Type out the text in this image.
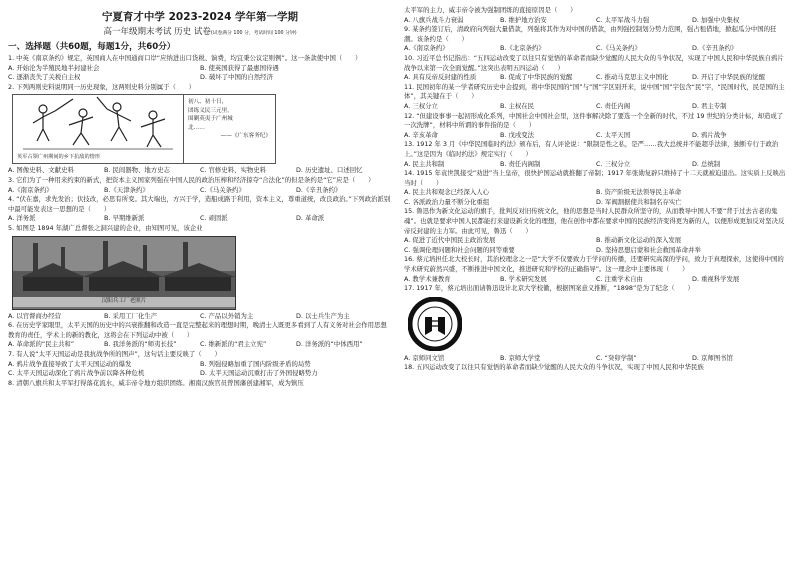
宁夏育才中学 2023-2024 学年第一学期
高一年级期末考试 历史 试卷(试卷满分 100 分，考试时间 100 分钟)
一、选择题（共60题，每题1分，共60分）

1. 中英《南京条约》规定，英国商人在中国通商口岸“应纳进出口货税、饷费，均宜秉公议定则例”。这一条款使中国（　　）

A. 开始沦为半殖民地半封建社会	B. 使英国获得了最惠国待遇
C. 逐渐丧失了关税自主权	D. 破坏了中国的自然经济

2. 下列两则史料说明同一历史现象，这两则史料分别属于（　　）

英军占领广州期间的乡下抗敌的情形
初八、初十日，
团练义民三元里，
围剿英夷于广州城
北……
——《广东客务纪》
A. 图像史料、文献史料	B. 民间器物、地方史志	C. 官修史料、实物史料	D. 历史遗址、口述回忆

3. 它们为了一种用来约束的新式，把资本主义国家列强在中国人民的政治压榨和经济掠夺“合法化”的但是条约是“它”应是（　　）

A.《南京条约》	B.《天津条约》	C.《马关条约》	D.《辛丑条约》

4. “伏在嘉，求先发治；伏技改，必思有所变。其大端也，方兴于学，造船成路于利用，资本主义，尊重道统，改良政治。”下列政治派别中最可能发表这一思想的是（　　）

A. 洋务派	B. 早期维新派	C. 顽固派	D. 革命派

5. 如图是 1894 年湖广总督张之洞兴建的企业，由知图可见，该企业

汉阳兵工厂老照片
A. 以官督商办经营	B. 采用工厂化生产	C. 产品以外销为主	D. 以士兵生产为主

6. 在历史学家眼里，太平天国的历史中的兴衰推翻和改造一直是完整起来的理想时期，晚清士人既更多看到了人有义务对社会作用思想教育的责任，学术上的新的教化，这将会在下列运动中被（　　）

A. 革命派的“民主共和”	B. 我洋务派的“师夷长技”	C. 维新派的“君主立宪”	D. 洋务派的“中体西用”

7. 有人说“太平天国运动是我抗战争所的图声”，这句话主要反映了（　　）

A. 鸦片战争直接导致了太平天国运动的爆发	B. 列强侵略加重了国内阶级矛盾的局势
C. 太平天国运动深化了鸦片战争前以降各种危机	D. 太平天国运动沉重打击了外国侵略势力

8. 清朝八旗兵和太平军打得落花流水，威丰帝令地方组织团练。湘南汉族官员曾国藩创建湘军，成为镇压

太平军的主力，威丰帝令被为强制团练的直接原因是（　　）

A. 八旗兵战斗力衰弱	B. 维护地方治安	C. 太平军战斗力强	D. 加强中央集权

9. 某条约签订后，清政府向列强大量借款，列强将其作为对中国的借款，由列强控制划分势力范围，强占租借地，掀起瓜分中国的狂潮。该条约是（　　）

A.《南京条约》	B.《北京条约》	C.《马关条约》	D.《辛丑条约》

10. 习近平总书记指出：“五四运动改变了以往只有觉悟的革命者而缺少觉醒的人民大众的斗争状况，实现了中国人民和中华民族自鸦片战争以来第一次全面觉醒。”这突出表明五四运动（　　）

A. 具有反帝反封建的性质	B. 促成了中华民族的觉醒	C. 推动马克思主义中国化	D. 开启了中华民族的觉醒

11. 民国初年的某一学者研究历史中会提到，将中华民国的“国”与“国”字区别开来，说中国“国”字包含“民”字，“民国时代，民是国的主体”，其关键在于（　　）

A. 三权分立	B. 主权在民	C. 责任内阁	D. 君主专制

12. “但建设事事一起初形成化系列，中国社会中国社会里，这件事解决除了要选一个全新的时代，不过 19 世纪的分类计标，却造成了一次洗牌”，材料中所谓的事件指的是（　　）

A. 辛亥革命	B. 戊戌变法	C. 太平天国	D. 鸦片战争

13. 1912 年 3 月《中华民国临时约法》颁布后，有人评论说：“限制是性之私，是严……我大总统并不能超乎法律，独断专行于政治上。”这是因为《临时约法》规定实行（　　）

A. 民主共和制	B. 责任内阁制	C. 三权分立	D. 总统制

14. 1915 年袁世凯接受“劝进”当上皇帝，很快护国运动就推翻了帝制；1917 年张勋复辟只维持了十二天就被迫退出。这实质上反映出当时（　　）

A. 民主共和观念已经深入人心	B. 资产阶级无法领导民主革命
C. 各派政治力量不断分化重组	D. 军阀割据使共和制名存实亡

15. 鲁迅作为新文化运动的旗手，批判反对旧传统文化，他的思想是当时人民群众所坚守的，从而教导中国人不要“背于过去古老的鬼魂”。也就是要求中国人民都能打来建设新文化的理想，他在创作中都在要求中国的民族经济变得更为新的人，以便形成更加反对坚决反帝反封建的主力军。由此可见，鲁迅（　　）

A. 促进了近代中国民主政治发展	B. 推动新文化运动的深入发展
C. 强调伦理问题和社会问题的同等重要	D. 坚持思想启蒙和社会救国革命并举

16. 蔡元培担任北大校长时，其治校理念之一是“大学不仅要致力于学问的传播，还要研究高深的学问，致力于真理探索，这使得中国的学术研究蔚然兴盛，不断推进中国文化，推进研究和学校的正确指导”。这一理念中主要体现（　　）

A. 教学术兼教育	B. 学术研究发展	C. 注重学术自由	D. 重视科学发展

17. 1917 年，蔡元培出面请鲁迅设计北京大学校徽，根据图案意义推断，“1898”是为了纪念（　　）

A. 京师同文馆	B. 京师大学堂	C. “癸卯学制”	D. 京师图书馆

18. 五四运动改变了以往只有觉悟的革命者而缺少觉醒的人民大众的斗争状况，实现了中国人民和中华民族
